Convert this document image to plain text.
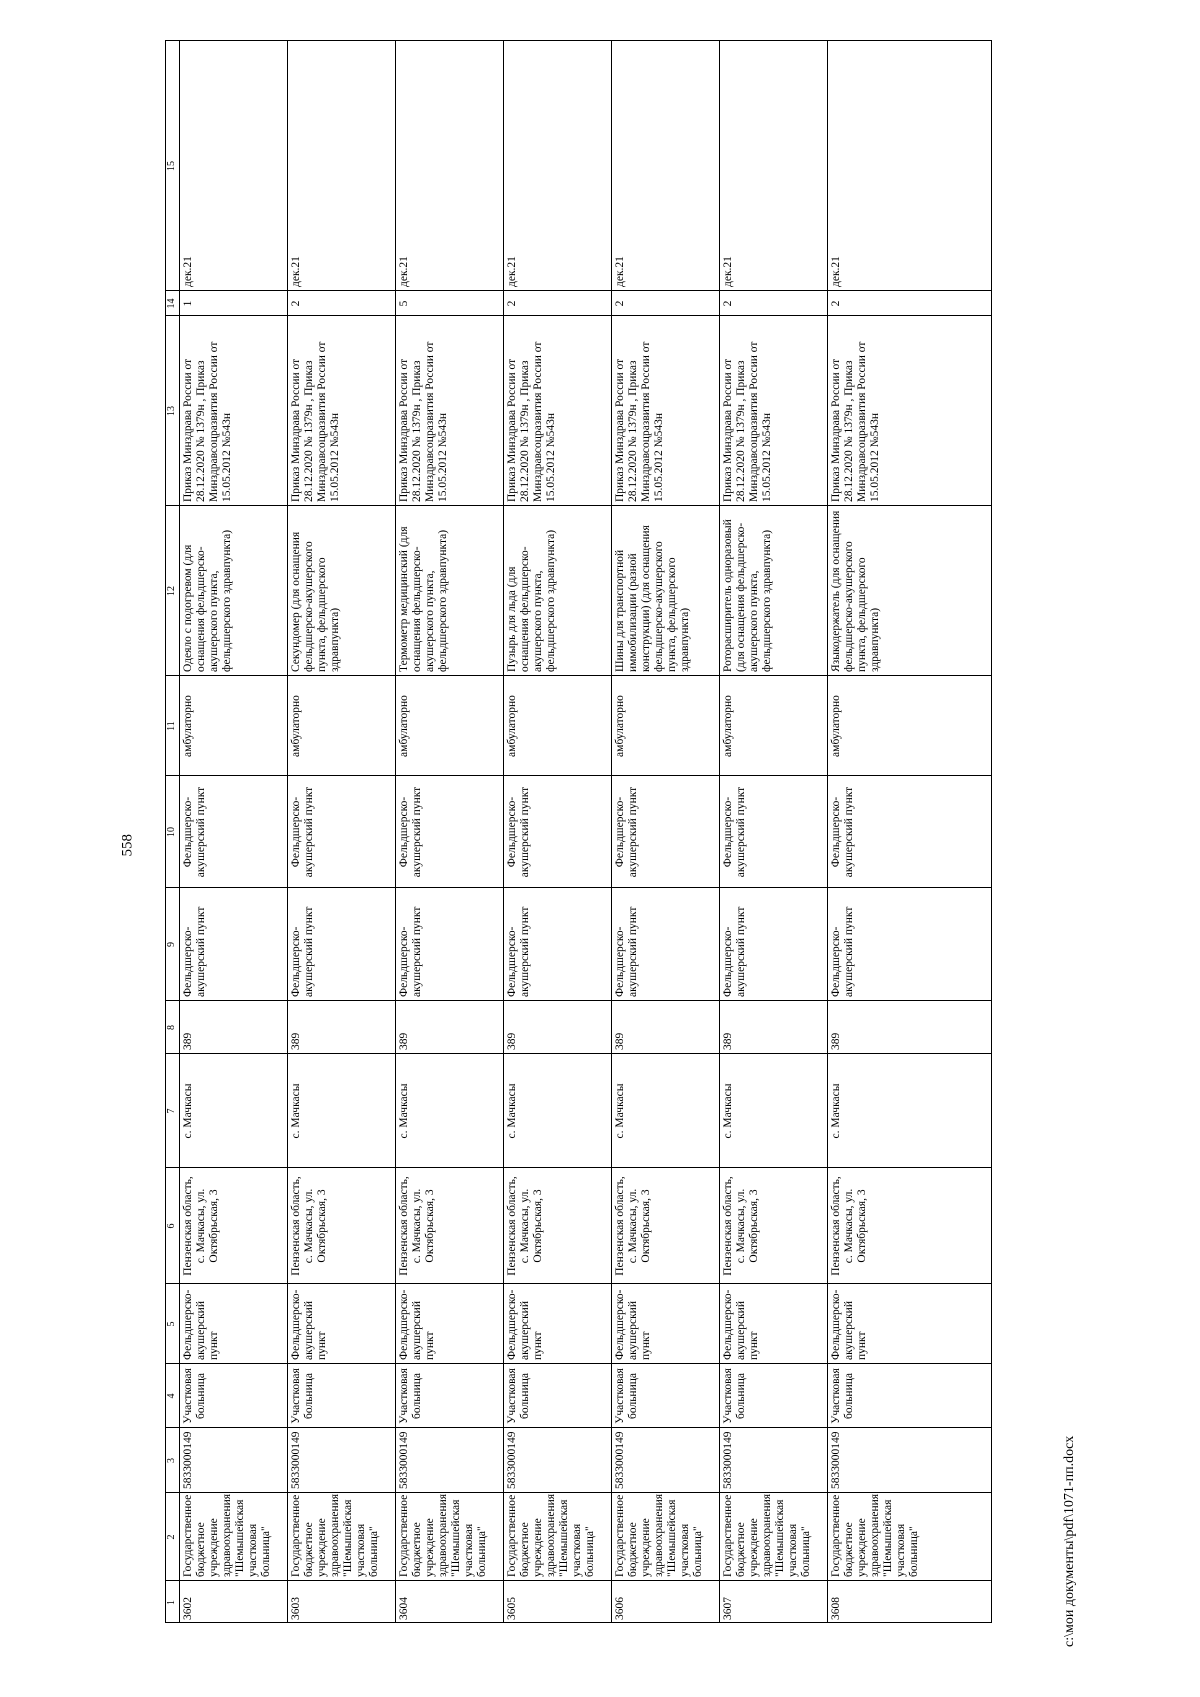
558
c:\мои документы\pdf\1071-пп.docx
1
2
3
4
5
6
7
8
9
10
11
12
13
14
15
3602
Государственное бюджетное учреждение здравоохранения "Шемышейская участковая больница"
5833000149
Участковая больница
Фельдшерско-акушерский пункт
Пензенская область, с. Мачкасы, ул. Октябрьская, 3
с. Мачкасы
389
Фельдшерско-акушерский пункт
Фельдшерско-акушерский пункт
амбулаторно
Одеяло с подогревом (для оснащения фельдшерско-акушерского пункта, фельдшерского здравпункта)
Приказ Минздрава России от 28.12.2020 № 1379н , Приказ Минздравсоцразвития России от 15.05.2012 №543н
1
дек.21
3603
Государственное бюджетное учреждение здравоохранения "Шемышейская участковая больница"
5833000149
Участковая больница
Фельдшерско-акушерский пункт
Пензенская область, с. Мачкасы, ул. Октябрьская, 3
с. Мачкасы
389
Фельдшерско-акушерский пункт
Фельдшерско-акушерский пункт
амбулаторно
Секундомер (для оснащения фельдшерско-акушерского пункта, фельдшерского здравпункта)
Приказ Минздрава России от 28.12.2020 № 1379н , Приказ Минздравсоцразвития России от 15.05.2012 №543н
2
дек.21
3604
Государственное бюджетное учреждение здравоохранения "Шемышейская участковая больница"
5833000149
Участковая больница
Фельдшерско-акушерский пункт
Пензенская область, с. Мачкасы, ул. Октябрьская, 3
с. Мачкасы
389
Фельдшерско-акушерский пункт
Фельдшерско-акушерский пункт
амбулаторно
Термометр медицинский (для оснащения фельдшерско-акушерского пункта, фельдшерского здравпункта)
Приказ Минздрава России от 28.12.2020 № 1379н , Приказ Минздравсоцразвития России от 15.05.2012 №543н
5
дек.21
3605
Государственное бюджетное учреждение здравоохранения "Шемышейская участковая больница"
5833000149
Участковая больница
Фельдшерско-акушерский пункт
Пензенская область, с. Мачкасы, ул. Октябрьская, 3
с. Мачкасы
389
Фельдшерско-акушерский пункт
Фельдшерско-акушерский пункт
амбулаторно
Пузырь для льда (для оснащения фельдшерско-акушерского пункта, фельдшерского здравпункта)
Приказ Минздрава России от 28.12.2020 № 1379н , Приказ Минздравсоцразвития России от 15.05.2012 №543н
2
дек.21
3606
Государственное бюджетное учреждение здравоохранения "Шемышейская участковая больница"
5833000149
Участковая больница
Фельдшерско-акушерский пункт
Пензенская область, с. Мачкасы, ул. Октябрьская, 3
с. Мачкасы
389
Фельдшерско-акушерский пункт
Фельдшерско-акушерский пункт
амбулаторно
Шины для транспортной иммобилизации (разной конструкции) (для оснащения фельдшерско-акушерского пункта, фельдшерского здравпункта)
Приказ Минздрава России от 28.12.2020 № 1379н , Приказ Минздравсоцразвития России от 15.05.2012 №543н
2
дек.21
3607
Государственное бюджетное учреждение здравоохранения "Шемышейская участковая больница"
5833000149
Участковая больница
Фельдшерско-акушерский пункт
Пензенская область, с. Мачкасы, ул. Октябрьская, 3
с. Мачкасы
389
Фельдшерско-акушерский пункт
Фельдшерско-акушерский пункт
амбулаторно
Роторасширитель одноразовый (для оснащения фельдшерско-акушерского пункта, фельдшерского здравпункта)
Приказ Минздрава России от 28.12.2020 № 1379н , Приказ Минздравсоцразвития России от 15.05.2012 №543н
2
дек.21
3608
Государственное бюджетное учреждение здравоохранения "Шемышейская участковая больница"
5833000149
Участковая больница
Фельдшерско-акушерский пункт
Пензенская область, с. Мачкасы, ул. Октябрьская, 3
с. Мачкасы
389
Фельдшерско-акушерский пункт
Фельдшерско-акушерский пункт
амбулаторно
Языкодержатель (для оснащения фельдшерско-акушерского пункта, фельдшерского здравпункта)
Приказ Минздрава России от 28.12.2020 № 1379н , Приказ Минздравсоцразвития России от 15.05.2012 №543н
2
дек.21
